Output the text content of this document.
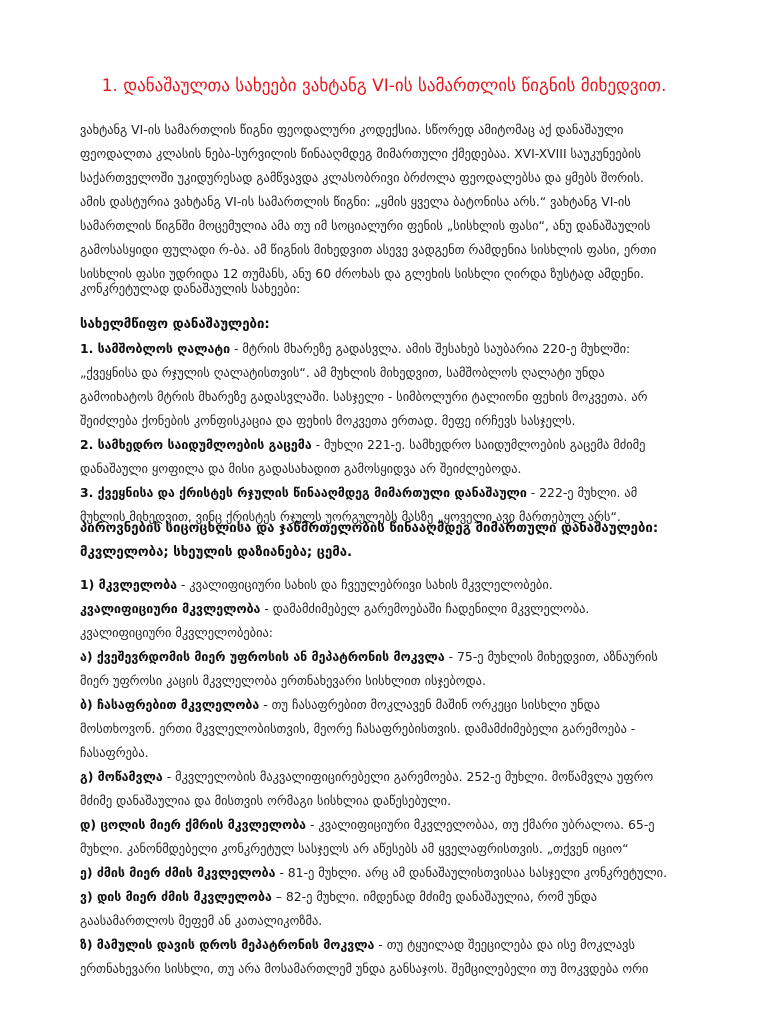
1. დანაშაულთა სახეები ვახტანგ VI-ის სამართლის წიგნის მიხედვით.
ვახტანგ VI-ის სამართლის წიგნი ფეოდალური კოდექსია. სწორედ ამიტომაც აქ დანაშაული
ფეოდალთა კლასის ნება-სურვილის წინააღმდეგ მიმართული ქმედებაა. XVI-XVIII საუკუნეების
საქართველოში უკიდურესად გამწვავდა კლასობრივი ბრძოლა ფეოდალებსა და ყმებს შორის.
ამის დასტურია ვახტანგ VI-ის სამართლის წიგნი: „ყმის ყველა ბატონისა არს.“ ვახტანგ VI-ის
სამართლის წიგნში მოცემულია ამა თუ იმ სოციალური ფენის „სისხლის ფასი“, ანუ დანაშაულის
გამოსასყიდი ფულადი რ-ბა. ამ წიგნის მიხედვით ასევე ვადგენთ რამდენია სისხლის ფასი, ერთი
სისხლის ფასი უდრიდა 12 თუმანს, ანუ 60 ძროხას და გლეხის სისხლი ღირდა ზუსტად ამდენი.
კონკრეტულად დანაშაულის სახეები:
სახელმწიფო დანაშაულები:
1. სამშობლოს ღალატი - მტრის მხარეზე გადასვლა. ამის შესახებ საუბარია 220-ე მუხლში:
„ქვეყნისა და რჯულის ღალატისთვის“. ამ მუხლის მიხედვით, სამშობლოს ღალატი უნდა
გამოიხატოს მტრის მხარეზე გადასვლაში. სასჯელი - სიმბოლური ტალიონი ფეხის მოკვეთა. არ
შეიძლება ქონების კონფისკაცია და ფეხის მოკვეთა ერთად. მეფე ირჩევს სასჯელს.
2. სამხედრო საიდუმლოების გაცემა - მუხლი 221-ე. სამხედრო საიდუმლოების გაცემა მძიმე
დანაშაული ყოფილა და მისი გადასახადით გამოსყიდვა არ შეიძლებოდა.
3. ქვეყნისა და ქრისტეს რჯულის წინააღმდეგ მიმართული დანაშაული - 222-ე მუხლი. ამ
მუხლის მიხედვით, ვინც ქრისტეს რჯულს უორგულებს მასზე „ყოველი ავი მართებულ არს“.
პიროვნების სიცოცხლისა და ჯანმრთელობის წინააღმდეგ მიმართული დანაშაულები:
მკვლელობა; სხეულის დაზიანება; ცემა.
1) მკვლელობა - კვალიფიციური სახის და ჩვეულებრივი სახის მკვლელობები.
კვალიფიციური მკვლელობა - დამამძიმებელ გარემოებაში ჩადენილი მკვლელობა.
კვალიფიციური მკვლელობებია:
ა) ქვეშევრდომის მიერ უფროსის ან მეპატრონის მოკვლა - 75-ე მუხლის მიხედვით, აზნაურის
მიერ უფროსი კაცის მკვლელობა ერთნახევარი სისხლით ისჯებოდა.
ბ) ჩასაფრებით მკვლელობა - თუ ჩასაფრებით მოკლავენ მაშინ ორკეცი სისხლი უნდა
მოსთხოვონ. ერთი მკვლელობისთვის, მეორე ჩასაფრებისთვის. დამამძიმებელი გარემოება -
ჩასაფრება.
გ) მოწამვლა - მკვლელობის მაკვალიფიცირებელი გარემოება. 252-ე მუხლი. მოწამვლა უფრო
მძიმე დანაშაულია და მისთვის ორმაგი სისხლია დაწესებული.
დ) ცოლის მიერ ქმრის მკვლელობა - კვალიფიციური მკვლელობაა, თუ ქმარი უბრალოა. 65-ე
მუხლი. კანონმდებელი კონკრეტულ სასჯელს არ აწესებს ამ ყველაფრისთვის. „თქვენ იციო“
ე) ძმის მიერ ძმის მკვლელობა - 81-ე მუხლი. არც ამ დანაშაულისთვისაა სასჯელი კონკრეტული.
ვ) დის მიერ ძმის მკვლელობა – 82-ე მუხლი. იმდენად მძიმე დანაშაულია, რომ უნდა
გაასამართლოს მეფემ ან კათალიკოზმა.
ზ) მამულის დავის დროს მეპატრონის მოკვლა - თუ ტყუილად შეეცილება და ისე მოკლავს
ერთნახევარი სისხლი, თუ არა მოსამართლემ უნდა განსაჯოს. შემცილებელი თუ მოკვდება ორი
